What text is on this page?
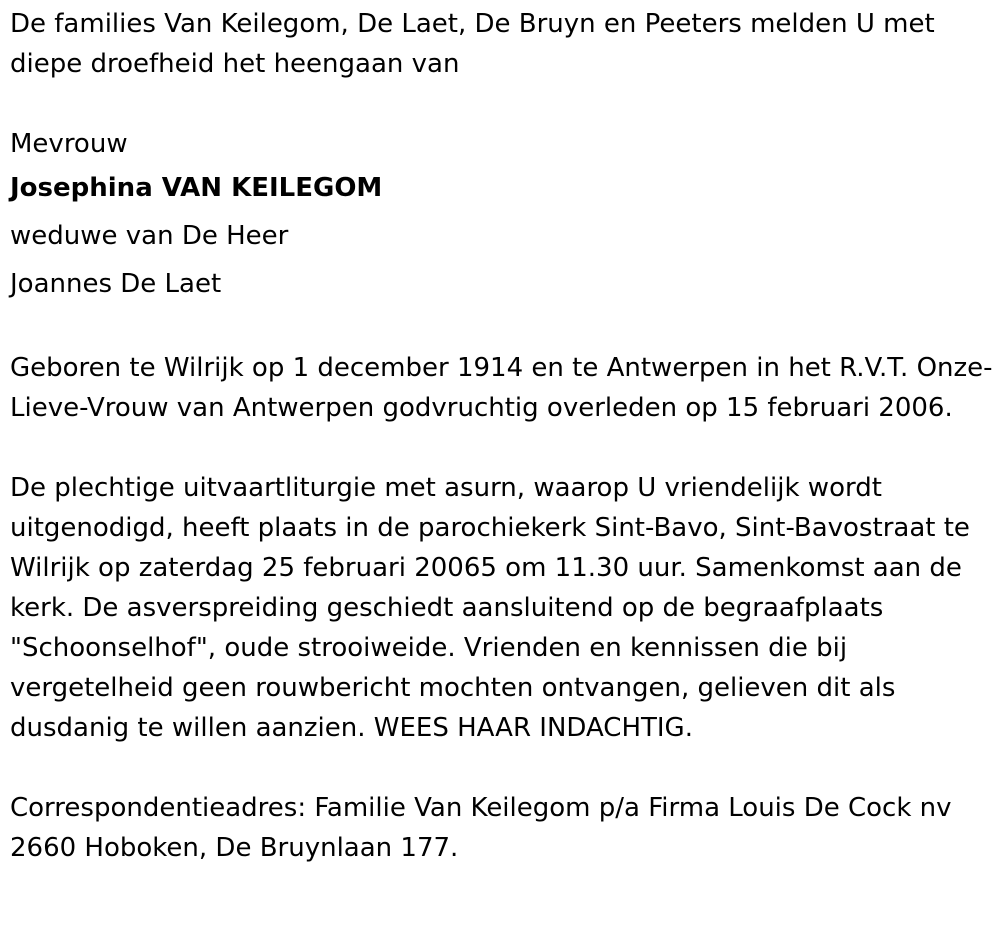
De families Van Keilegom, De Laet, De Bruyn en Peeters melden U met diepe droefheid het heengaan van

Mevrouw
Josephina VAN KEILEGOM
weduwe van De Heer
Joannes De Laet

Geboren te Wilrijk op 1 december 1914 en te Antwerpen in het R.V.T. Onze-Lieve-Vrouw van Antwerpen godvruchtig overleden op 15 februari 2006.

De plechtige uitvaartliturgie met asurn, waarop U vriendelijk wordt uitgenodigd, heeft plaats in de parochiekerk Sint-Bavo, Sint-Bavostraat te Wilrijk op zaterdag 25 februari 20065 om 11.30 uur. Samenkomst aan de kerk. De asverspreiding geschiedt aansluitend op de begraafplaats "Schoonselhof", oude strooiweide. Vrienden en kennissen die bij vergetelheid geen rouwbericht mochten ontvangen, gelieven dit als dusdanig te willen aanzien. WEES HAAR INDACHTIG.

Correspondentieadres: Familie Van Keilegom p/a Firma Louis De Cock nv 2660 Hoboken, De Bruynlaan 177.
